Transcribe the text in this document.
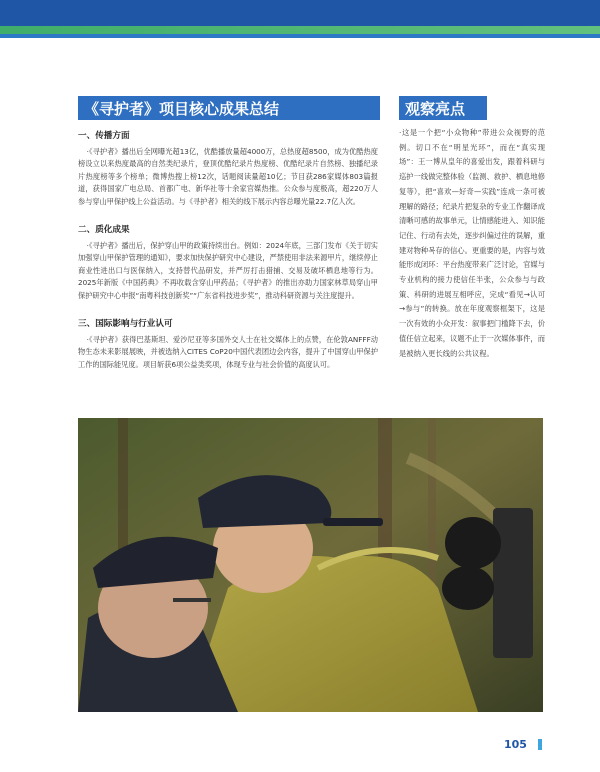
《寻护者》项目核心成果总结	观察亮点
一、传播方面

·《寻护者》播出后全网曝光超13亿，优酷播放量超4000万，总热度超8500，成为优酷热度榜设立以来热度最高的自然类纪录片，登顶优酷纪录片热度榜、优酷纪录片自然榜、独播纪录片热度榜等多个榜单；微博热搜上榜12次，话题阅读量超10亿；节目获286家媒体803篇报道，获得国家广电总局、首都广电、新华社等十余家官媒热推。公众参与度极高，超220万人参与穿山甲保护线上公益活动。与《寻护者》相关的线下展示内容总曝光量22.7亿人次。

二、质化成果

·《寻护者》播出后，保护穿山甲的政策持续出台。例如：2024年底，三部门发布《关于切实加强穿山甲保护管理的通知》，要求加快保护研究中心建设，严禁使用非法来源甲片，继续停止商业性进出口与医保纳入，支持替代品研发，并严厉打击猎捕、交易及破坏栖息地等行为。2025年新版《中国药典》不再收载含穿山甲药品；《寻护者》的推出亦助力国家林草局穿山甲保护研究中心申报“南粤科技创新奖”“广东省科技进步奖”，推动科研资源与关注度提升。

三、国际影响与行业认可

·《寻护者》获得巴基斯坦、爱沙尼亚等多国外交人士在社交媒体上的点赞，在伦敦ANFFF动物生态未来影展展映，并被选纳入CITES CoP20中国代表团边会内容，提升了中国穿山甲保护工作的国际能见度。项目斩获6项公益类奖项，体现专业与社会价值的高度认可。

·这是一个把“小众物种”带进公众视野的范例。切口不在“明星光环”，而在“真实现场”：王一博从皇年的喜爱出发，跟着科研与巡护一线做完整体验（监测、救护、栖息地修复等），把“喜欢—好奇—实践”连成一条可被理解的路径；纪录片把复杂的专业工作翻译成清晰可感的故事单元，让情感能进入、知识能记住、行动有去处，逐步纠偏过往的误解，重建对物种복存的信心。更重要的是，内容与效能形成闭环：平台热度带来广泛讨论，官媒与专业机构的接力使信任半张，公众参与与政策、科研的进展互相呼应，完成“看见→认可→参与”的转换。放在年度观察框架下，这是一次有效的小众开发：叙事把门槛降下去，价值任信立起来，议题不止于一次媒体事件，而是被纳入更长线的公共议程。

105
